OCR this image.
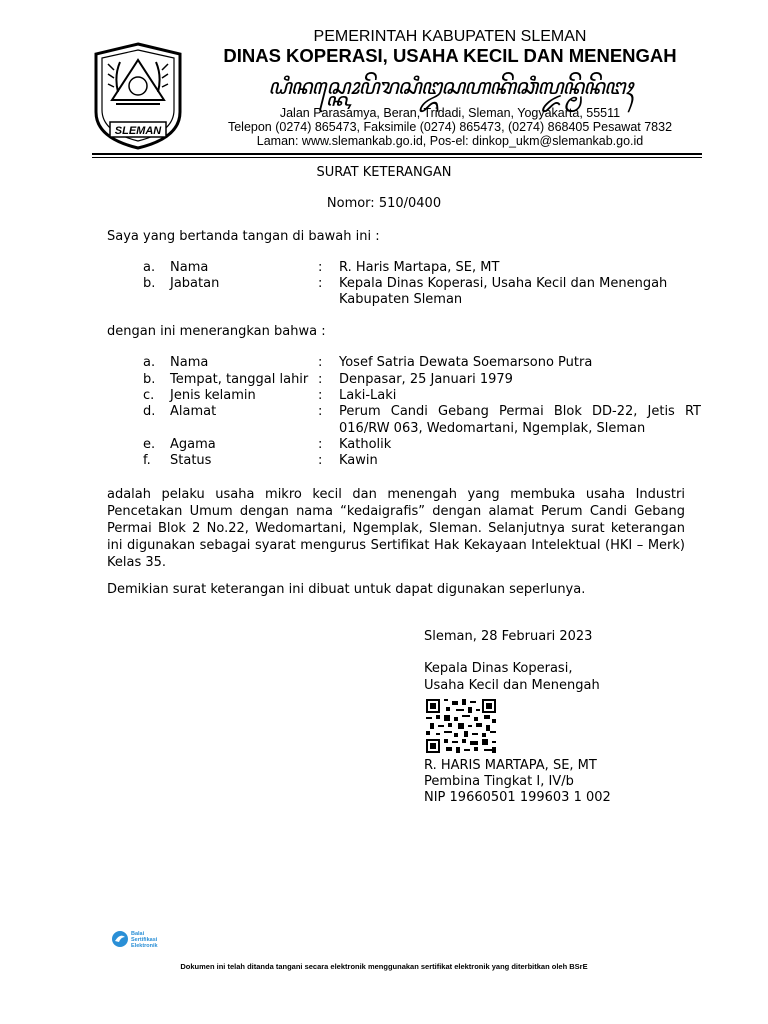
SLEMAN
PEMERINTAH KABUPATEN SLEMAN
DINAS KOPERASI, USAHA KECIL DAN MENENGAH
ꦝꦶꦤꦱ꧀ꦏꦺꦴꦥꦼꦫꦱꦶꦈꦱꦲꦏꦼꦕꦶꦭ꧀ꦢꦤ꧀ꦩꦼꦤꦼꦔꦃ
Jalan Parasamya, Beran, Tridadi, Sleman, Yogyakarta, 55511
Telepon (0274) 865473, Faksimile (0274) 865473, (0274) 868405 Pesawat 7832
Laman: www.slemankab.go.id, Pos-el: dinkop_ukm@slemankab.go.id
SURAT KETERANGAN
Nomor: 510/0400
Saya yang bertanda tangan di bawah ini :
a. Nama	: R. Haris Martapa, SE, MT
b. Jabatan	: Kepala Dinas Koperasi, Usaha Kecil dan Menengah
Kabupaten Sleman
dengan ini menerangkan bahwa :
a. Nama	: Yosef Satria Dewata Soemarsono Putra
b. Tempat, tanggal lahir : Denpasar, 25 Januari 1979
c. Jenis kelamin	: Laki-Laki
d. Alamat	: Perum Candi Gebang Permai Blok DD-22, Jetis RT
016/RW 063, Wedomartani, Ngemplak, Sleman
e. Agama	: Katholik
f. Status	: Kawin
adalah pelaku usaha mikro kecil dan menengah yang membuka usaha Industri Pencetakan Umum dengan nama “kedaigrafis” dengan alamat Perum Candi Gebang Permai Blok 2 No.22, Wedomartani, Ngemplak, Sleman. Selanjutnya surat keterangan ini digunakan sebagai syarat mengurus Sertifikat Hak Kekayaan Intelektual (HKI – Merk) Kelas 35.
Demikian surat keterangan ini dibuat untuk dapat digunakan seperlunya.
Sleman, 28 Februari 2023
Kepala Dinas Koperasi,
Usaha Kecil dan Menengah
R. HARIS MARTAPA, SE, MT
Pembina Tingkat I, IV/b
NIP 19660501 199603 1 002
Balai
Sertifikasi
Elektronik
Dokumen ini telah ditanda tangani secara elektronik menggunakan sertifikat elektronik yang diterbitkan oleh BSrE
